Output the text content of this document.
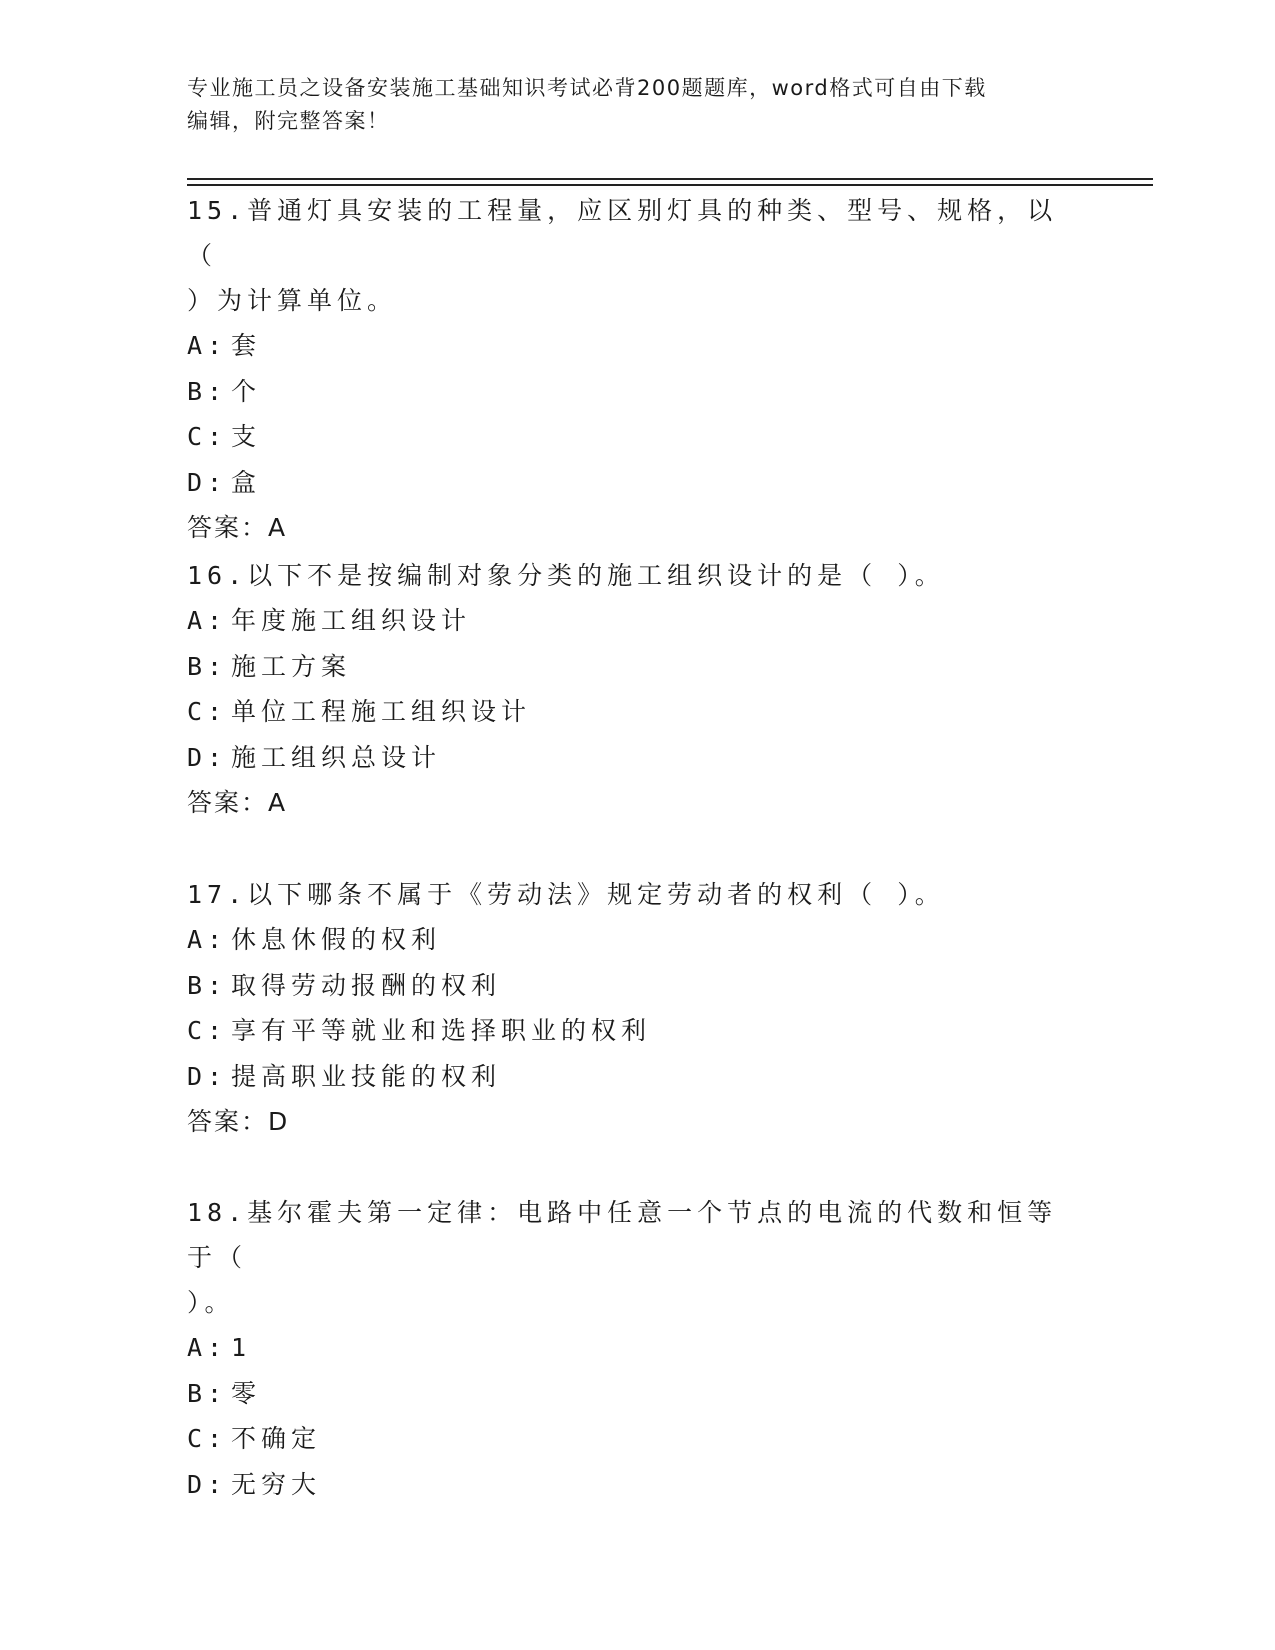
专业施工员之设备安装施工基础知识考试必背200题题库，word格式可自由下载
编辑，附完整答案！

15.普通灯具安装的工程量，应区别灯具的种类、型号、规格，以（

）为计算单位。

A: 套

B: 个

C: 支

D: 盒

答案：A

16.以下不是按编制对象分类的施工组织设计的是（ ）。

A: 年度施工组织设计

B: 施工方案

C: 单位工程施工组织设计

D: 施工组织总设计

答案：A

17.以下哪条不属于《劳动法》规定劳动者的权利（ ）。

A: 休息休假的权利

B: 取得劳动报酬的权利

C: 享有平等就业和选择职业的权利

D: 提高职业技能的权利

答案：D

18.基尔霍夫第一定律：电路中任意一个节点的电流的代数和恒等于（

）。

A: 1

B: 零

C: 不确定

D: 无穷大
